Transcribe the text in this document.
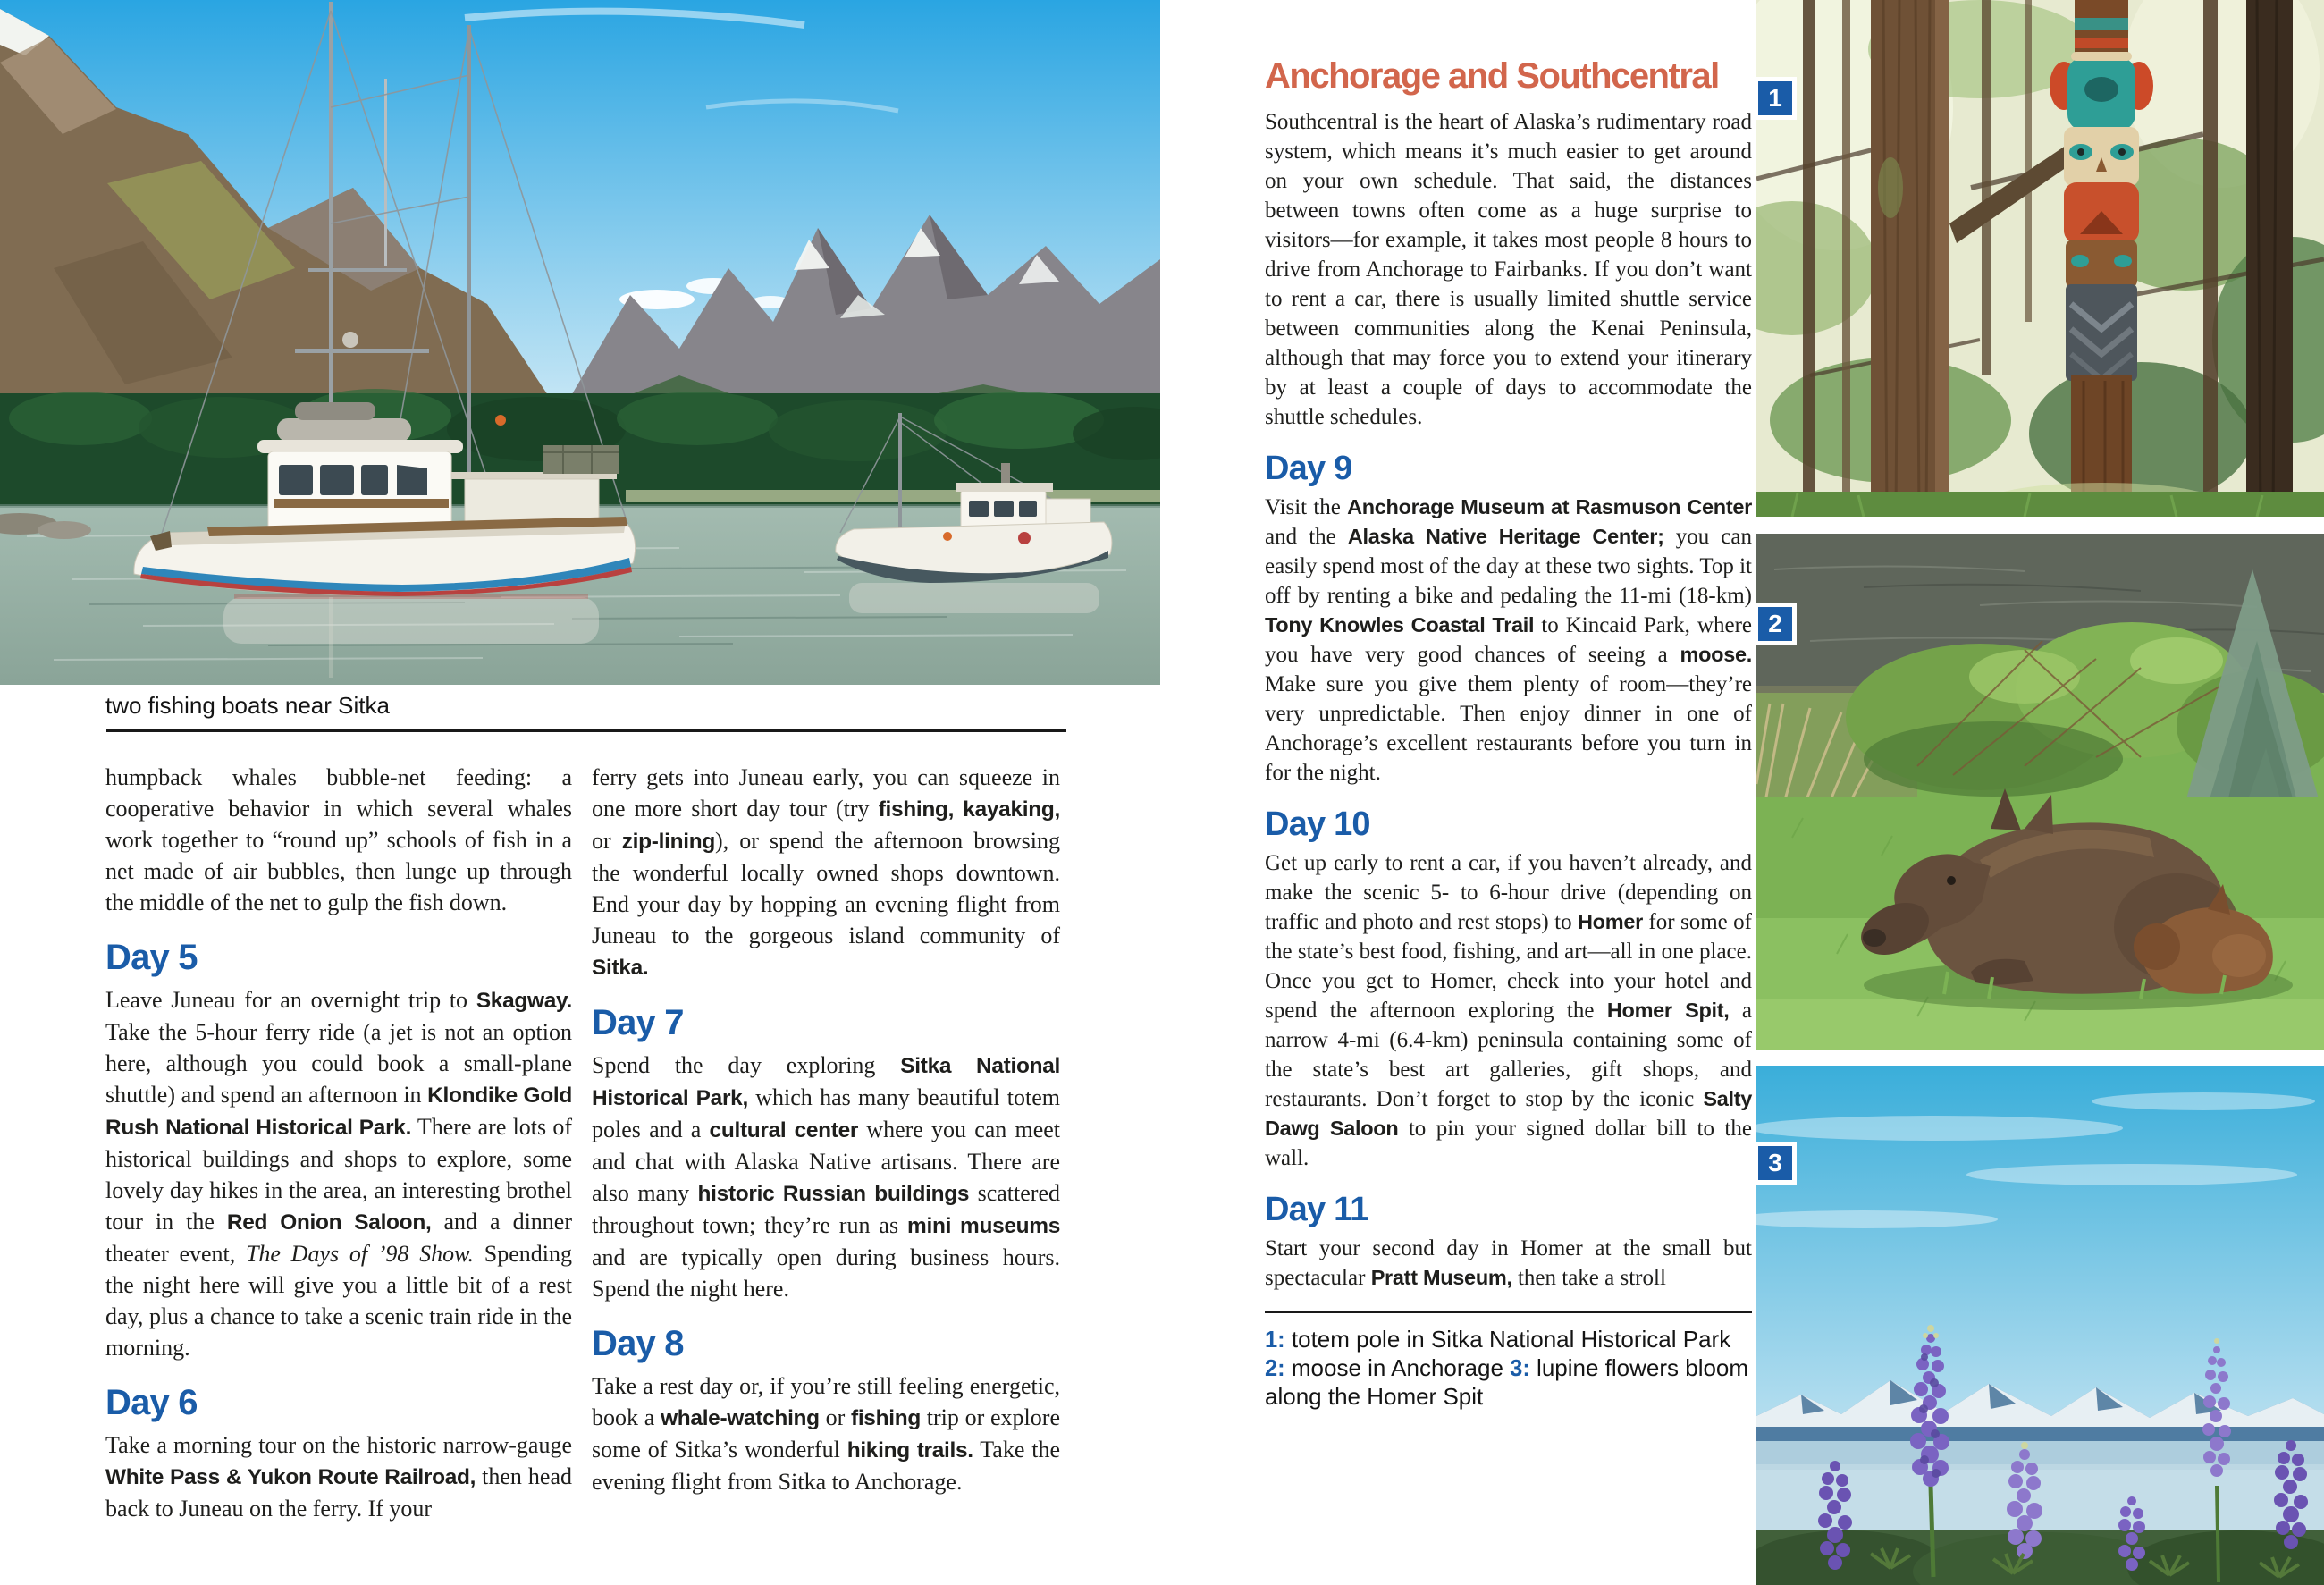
two fishing boats near Sitka

humpback whales bubble-net feeding: a cooperative behavior in which several whales work together to “round up” schools of fish in a net made of air bubbles, then lunge up through the middle of the net to gulp the fish down.

Day 5

Leave Juneau for an overnight trip to Skagway. Take the 5-hour ferry ride (a jet is not an option here, although you could book a small-plane shuttle) and spend an afternoon in Klondike Gold Rush National Historical Park. There are lots of historical buildings and shops to explore, some lovely day hikes in the area, an interesting brothel tour in the Red Onion Saloon, and a dinner theater event, The Days of ’98 Show. Spending the night here will give you a little bit of a rest day, plus a chance to take a scenic train ride in the morning.

Day 6

Take a morning tour on the historic narrow-gauge White Pass & Yukon Route Railroad, then head back to Juneau on the ferry. If your

ferry gets into Juneau early, you can squeeze in one more short day tour (try fishing, kayaking, or zip-lining), or spend the afternoon browsing the wonderful locally owned shops downtown. End your day by hopping an evening flight from Juneau to the gorgeous island community of Sitka.

Day 7

Spend the day exploring Sitka National Historical Park, which has many beautiful totem poles and a cultural center where you can meet and chat with Alaska Native artisans. There are also many historic Russian buildings scattered throughout town; they’re run as mini museums and are typically open during business hours. Spend the night here.

Day 8

Take a rest day or, if you’re still feeling energetic, book a whale-watching or fishing trip or explore some of Sitka’s wonderful hiking trails. Take the evening flight from Sitka to Anchorage.

Anchorage and Southcentral

Southcentral is the heart of Alaska’s rudimentary road system, which means it’s much easier to get around on your own schedule. That said, the distances between towns often come as a huge surprise to visitors—for example, it takes most people 8 hours to drive from Anchorage to Fairbanks. If you don’t want to rent a car, there is usually limited shuttle service between communities along the Kenai Peninsula, although that may force you to extend your itinerary by at least a couple of days to accommodate the shuttle schedules.

Day 9

Visit the Anchorage Museum at Rasmuson Center and the Alaska Native Heritage Center; you can easily spend most of the day at these two sights. Top it off by renting a bike and pedaling the 11-mi (18-km) Tony Knowles Coastal Trail to Kincaid Park, where you have very good chances of seeing a moose. Make sure you give them plenty of room—they’re very unpredictable. Then enjoy dinner in one of Anchorage’s excellent restaurants before you turn in for the night.

Day 10

Get up early to rent a car, if you haven’t already, and make the scenic 5- to 6-hour drive (depending on traffic and photo and rest stops) to Homer for some of the state’s best food, fishing, and art—all in one place. Once you get to Homer, check into your hotel and spend the afternoon exploring the Homer Spit, a narrow 4-mi (6.4-km) peninsula containing some of the state’s best art galleries, gift shops, and restaurants. Don’t forget to stop by the iconic Salty Dawg Saloon to pin your signed dollar bill to the wall.

Day 11

Start your second day in Homer at the small but spectacular Pratt Museum, then take a stroll

1: totem pole in Sitka National Historical Park 2: moose in Anchorage 3: lupine flowers bloom along the Homer Spit

1
2
3
